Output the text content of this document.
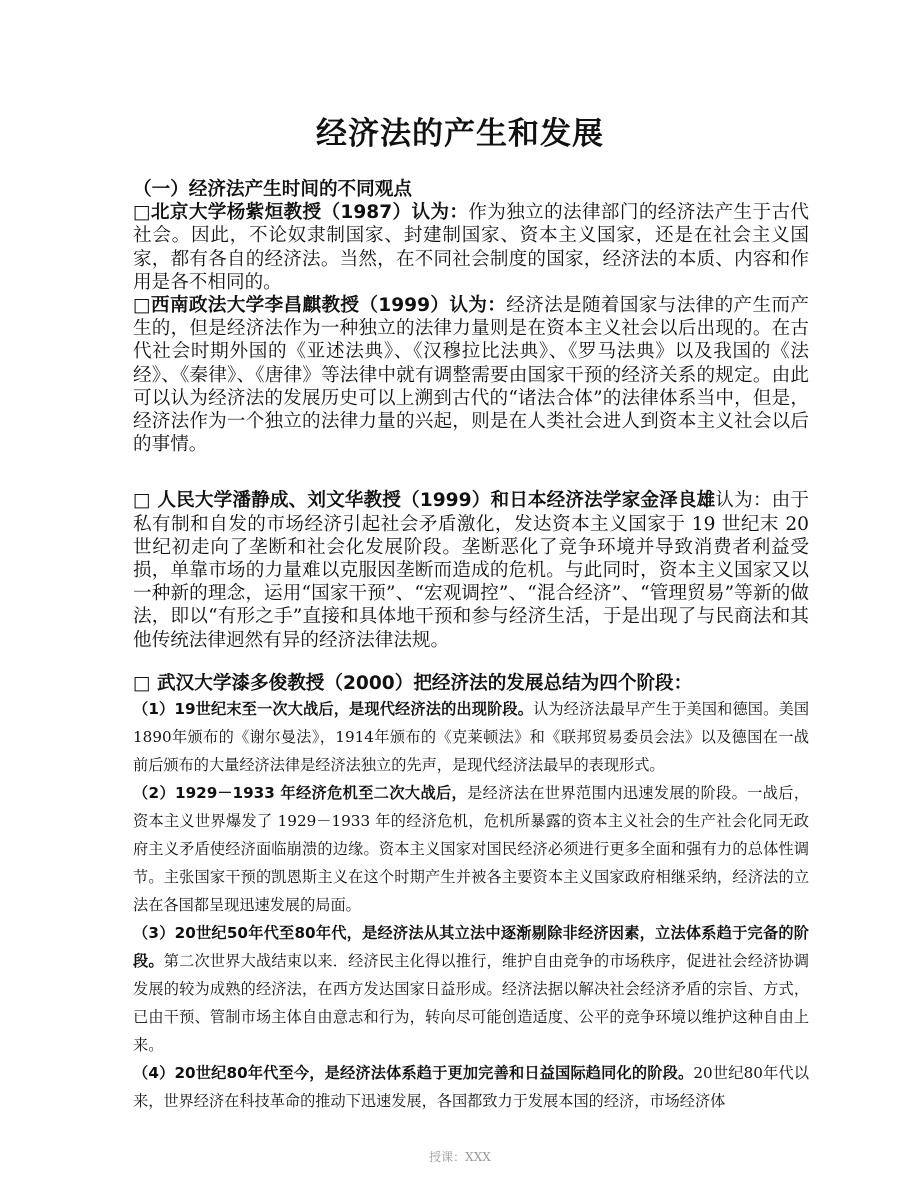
经济法的产生和发展

（一）经济法产生时间的不同观点

□北京大学杨紫烜教授（1987）认为：作为独立的法律部门的经济法产生于古代社会。因此，不论奴隶制国家、封建制国家、资本主义国家，还是在社会主义国家，都有各自的经济法。当然，在不同社会制度的国家，经济法的本质、内容和作用是各不相同的。

□西南政法大学李昌麒教授（1999）认为：经济法是随着国家与法律的产生而产生的，但是经济法作为一种独立的法律力量则是在资本主义社会以后出现的。在古代社会时期外国的《亚述法典》、《汉穆拉比法典》、《罗马法典》以及我国的《法经》、《秦律》、《唐律》等法律中就有调整需要由国家干预的经济关系的规定。由此可以认为经济法的发展历史可以上溯到古代的“诸法合体”的法律体系当中，但是，经济法作为一个独立的法律力量的兴起，则是在人类社会进人到资本主义社会以后的事情。

□ 人民大学潘静成、刘文华教授（1999）和日本经济法学家金泽良雄认为：由于私有制和自发的市场经济引起社会矛盾激化，发达资本主义国家于 19 世纪末 20 世纪初走向了垄断和社会化发展阶段。垄断恶化了竞争环境并导致消费者利益受损，单靠市场的力量难以克服因垄断而造成的危机。与此同时，资本主义国家又以一种新的理念，运用“国家干预”、“宏观调控”、“混合经济”、“管理贸易”等新的做法，即以“有形之手”直接和具体地干预和参与经济生活，于是出现了与民商法和其他传统法律迥然有异的经济法律法规。

□ 武汉大学漆多俊教授（2000）把经济法的发展总结为四个阶段：

（1）19世纪末至一次大战后，是现代经济法的出现阶段。认为经济法最早产生于美国和德国。美国1890年颁布的《谢尔曼法》，1914年颁布的《克莱顿法》和《联邦贸易委员会法》以及德国在一战前后颁布的大量经济法律是经济法独立的先声，是现代经济法最早的表现形式。

（2）1929－1933 年经济危机至二次大战后，是经济法在世界范围内迅速发展的阶段。一战后，资本主义世界爆发了 1929－1933 年的经济危机，危机所暴露的资本主义社会的生产社会化同无政府主义矛盾使经济面临崩溃的边缘。资本主义国家对国民经济必须进行更多全面和强有力的总体性调节。主张国家干预的凯恩斯主义在这个时期产生并被各主要资本主义国家政府相继采纳，经济法的立法在各国都呈现迅速发展的局面。

（3）20世纪50年代至80年代，是经济法从其立法中逐渐剔除非经济因素，立法体系趋于完备的阶段。第二次世界大战结束以来．经济民主化得以推行，维护自由竞争的市场秩序，促进社会经济协调发展的较为成熟的经济法，在西方发达国家日益形成。经济法据以解决社会经济矛盾的宗旨、方式，已由干预、管制市场主体自由意志和行为，转向尽可能创造适度、公平的竞争环境以维护这种自由上来。

（4）20世纪80年代至今，是经济法体系趋于更加完善和日益国际趋同化的阶段。20世纪80年代以来，世界经济在科技革命的推动下迅速发展，各国都致力于发展本国的经济，市场经济体

授课：XXX
